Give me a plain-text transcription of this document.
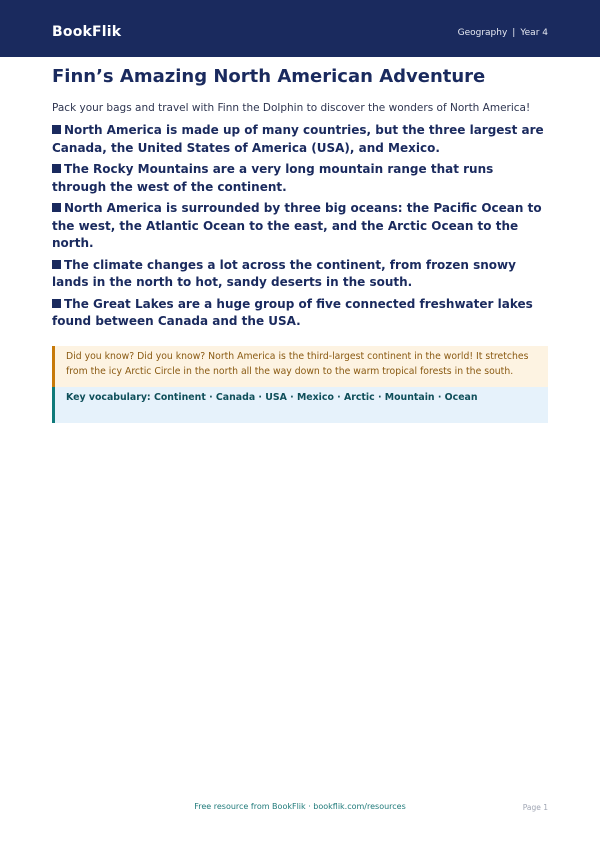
BookFlik	Geography | Year 4
Finn’s Amazing North American Adventure

Pack your bags and travel with Finn the Dolphin to discover the wonders of North America!

North America is made up of many countries, but the three largest are Canada, the United States of America (USA), and Mexico.
The Rocky Mountains are a very long mountain range that runs through the west of the continent.
North America is surrounded by three big oceans: the Pacific Ocean to the west, the Atlantic Ocean to the east, and the Arctic Ocean to the north.
The climate changes a lot across the continent, from frozen snowy lands in the north to hot, sandy deserts in the south.
The Great Lakes are a huge group of five connected freshwater lakes found between Canada and the USA.
Did you know? Did you know? North America is the third-largest continent in the world! It stretches from the icy Arctic Circle in the north all the way down to the warm tropical forests in the south.
Key vocabulary: Continent · Canada · USA · Mexico · Arctic · Mountain · Ocean
Free resource from BookFlik · bookflik.com/resources	Page 1
